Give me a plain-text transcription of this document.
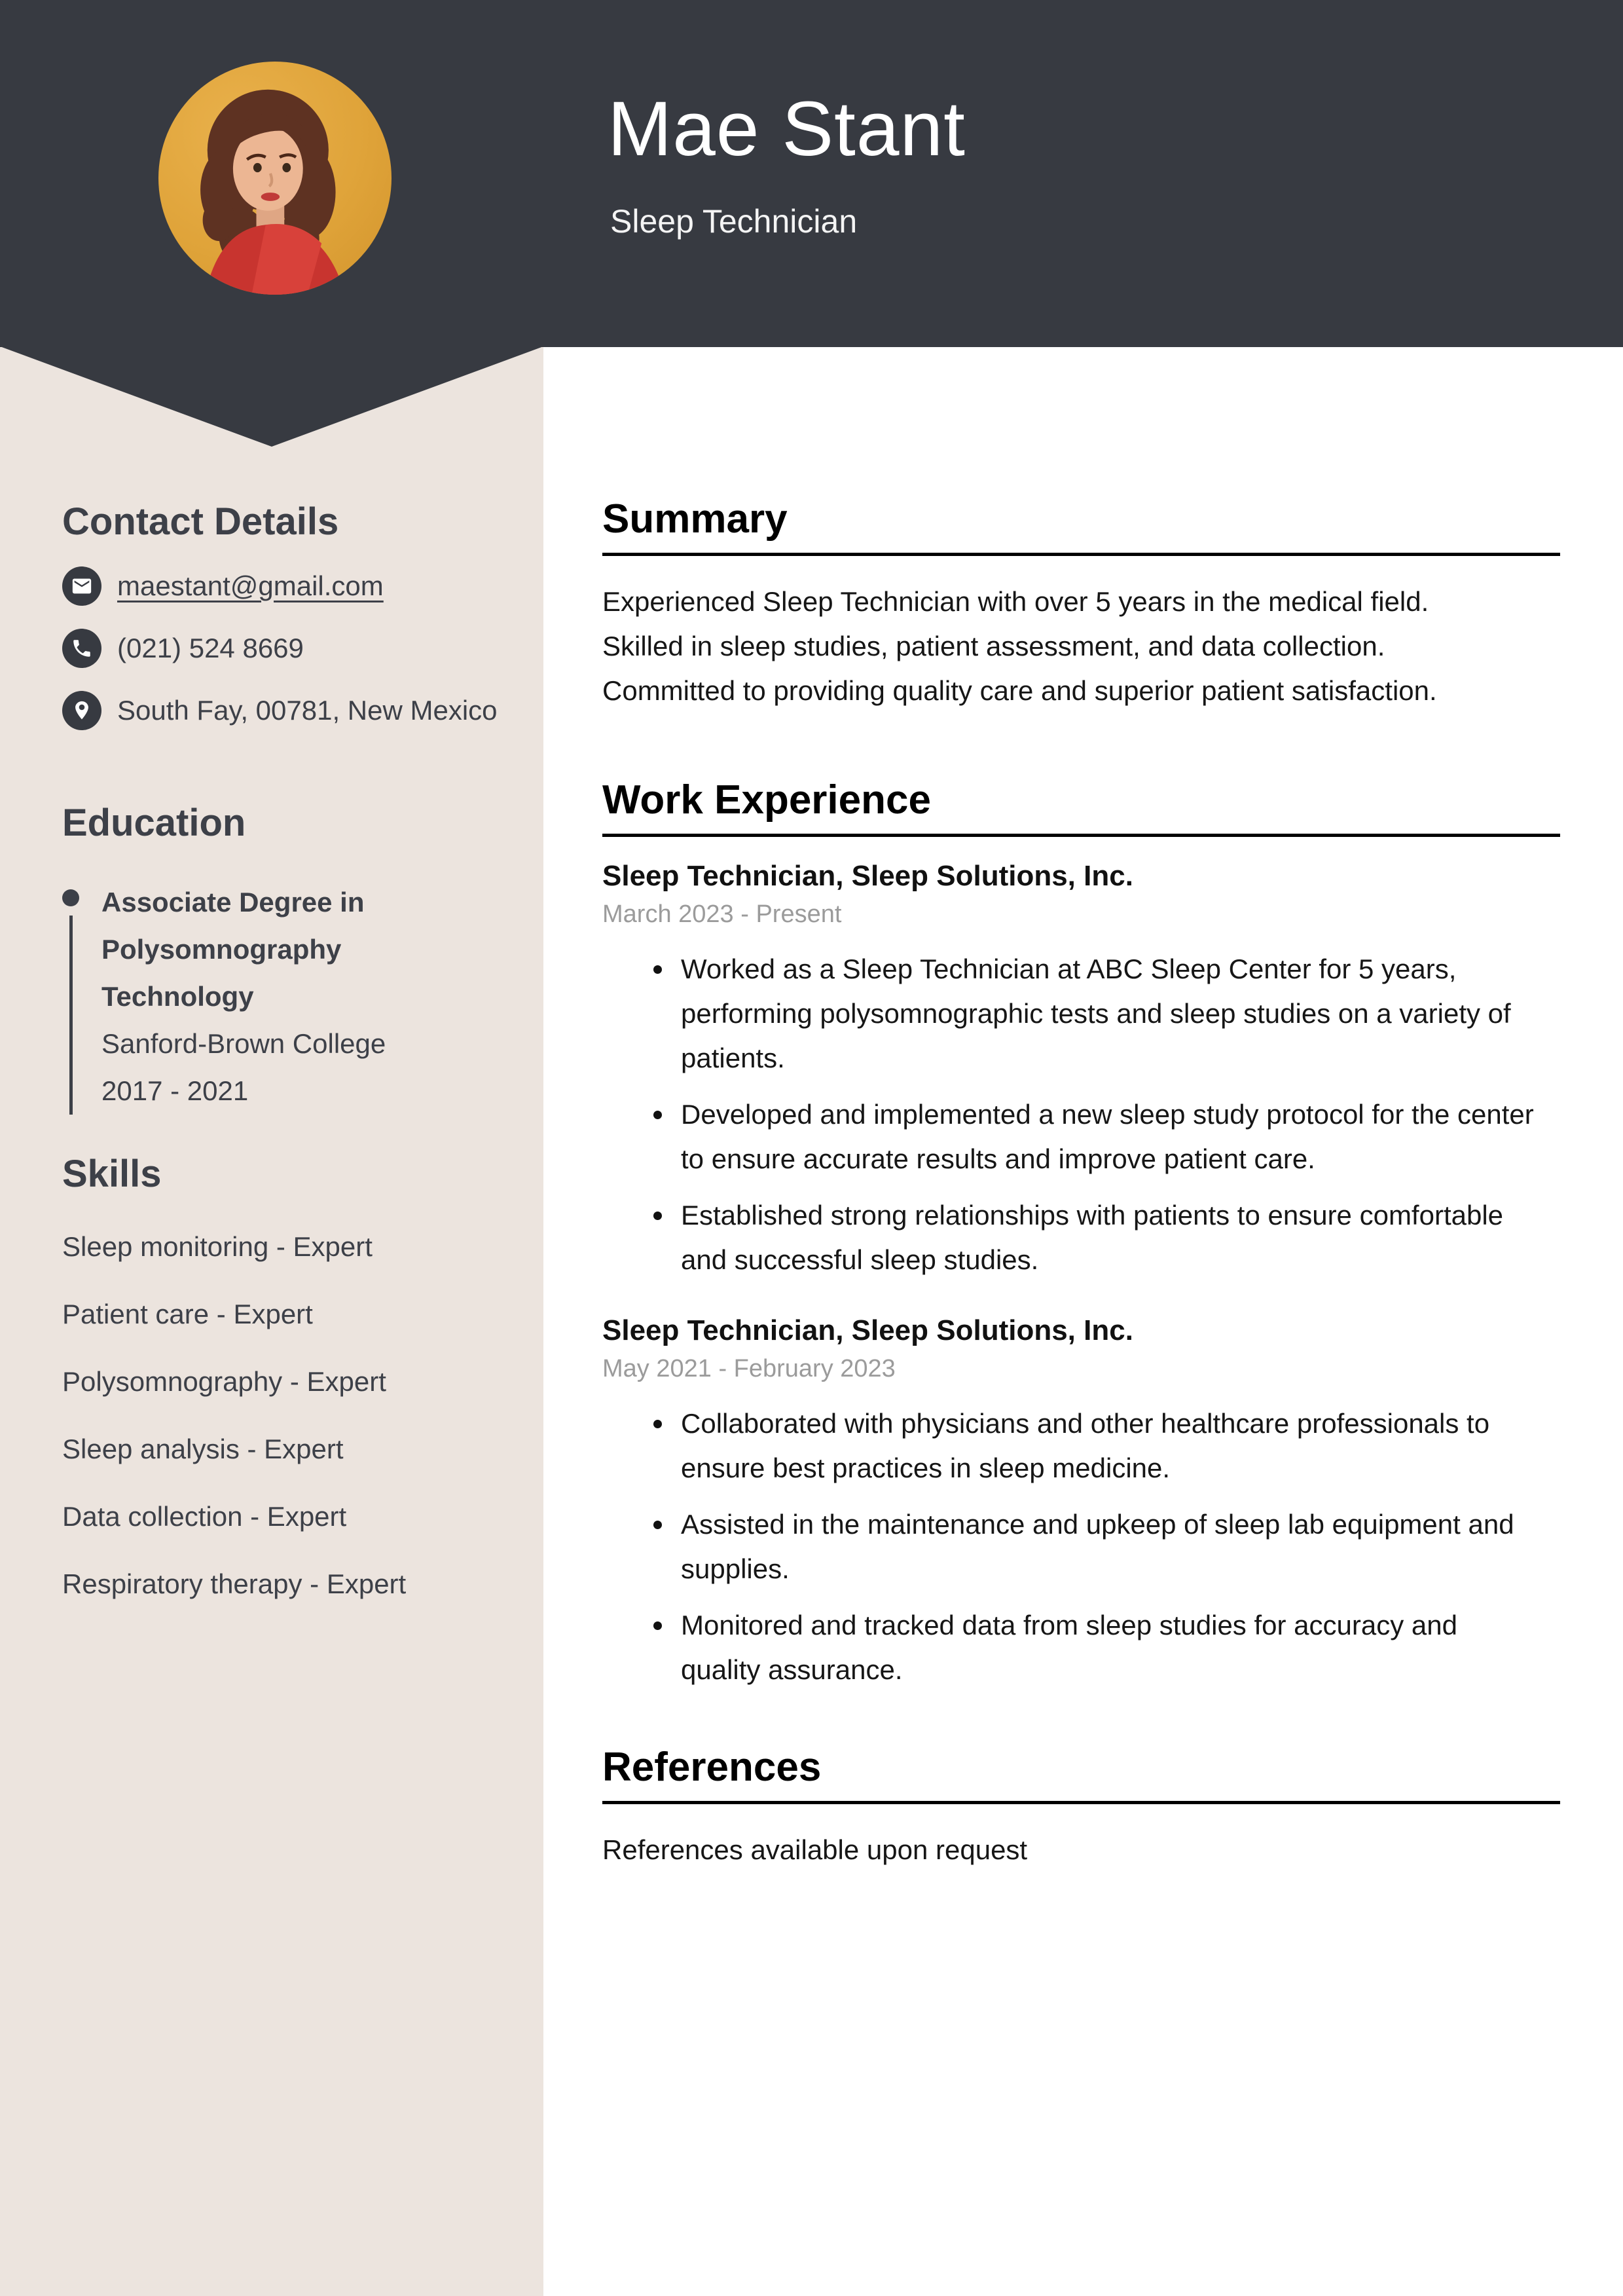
Mae Stant
Sleep Technician
Contact Details
maestant@gmail.com
(021) 524 8669
South Fay, 00781, New Mexico
Education
Associate Degree in Polysomnography Technology
Sanford-Brown College
2017 - 2021
Skills
Sleep monitoring - Expert
Patient care - Expert
Polysomnography - Expert
Sleep analysis - Expert
Data collection - Expert
Respiratory therapy - Expert
Summary

Experienced Sleep Technician with over 5 years in the medical field. Skilled in sleep studies, patient assessment, and data collection. Committed to providing quality care and superior patient satisfaction.

Work Experience
Sleep Technician, Sleep Solutions, Inc.
March 2023 - Present
Worked as a Sleep Technician at ABC Sleep Center for 5 years, performing polysomnographic tests and sleep studies on a variety of patients.
Developed and implemented a new sleep study protocol for the center to ensure accurate results and improve patient care.
Established strong relationships with patients to ensure comfortable and successful sleep studies.
Sleep Technician, Sleep Solutions, Inc.
May 2021 - February 2023
Collaborated with physicians and other healthcare professionals to ensure best practices in sleep medicine.
Assisted in the maintenance and upkeep of sleep lab equipment and supplies.
Monitored and tracked data from sleep studies for accuracy and quality assurance.
References

References available upon request
